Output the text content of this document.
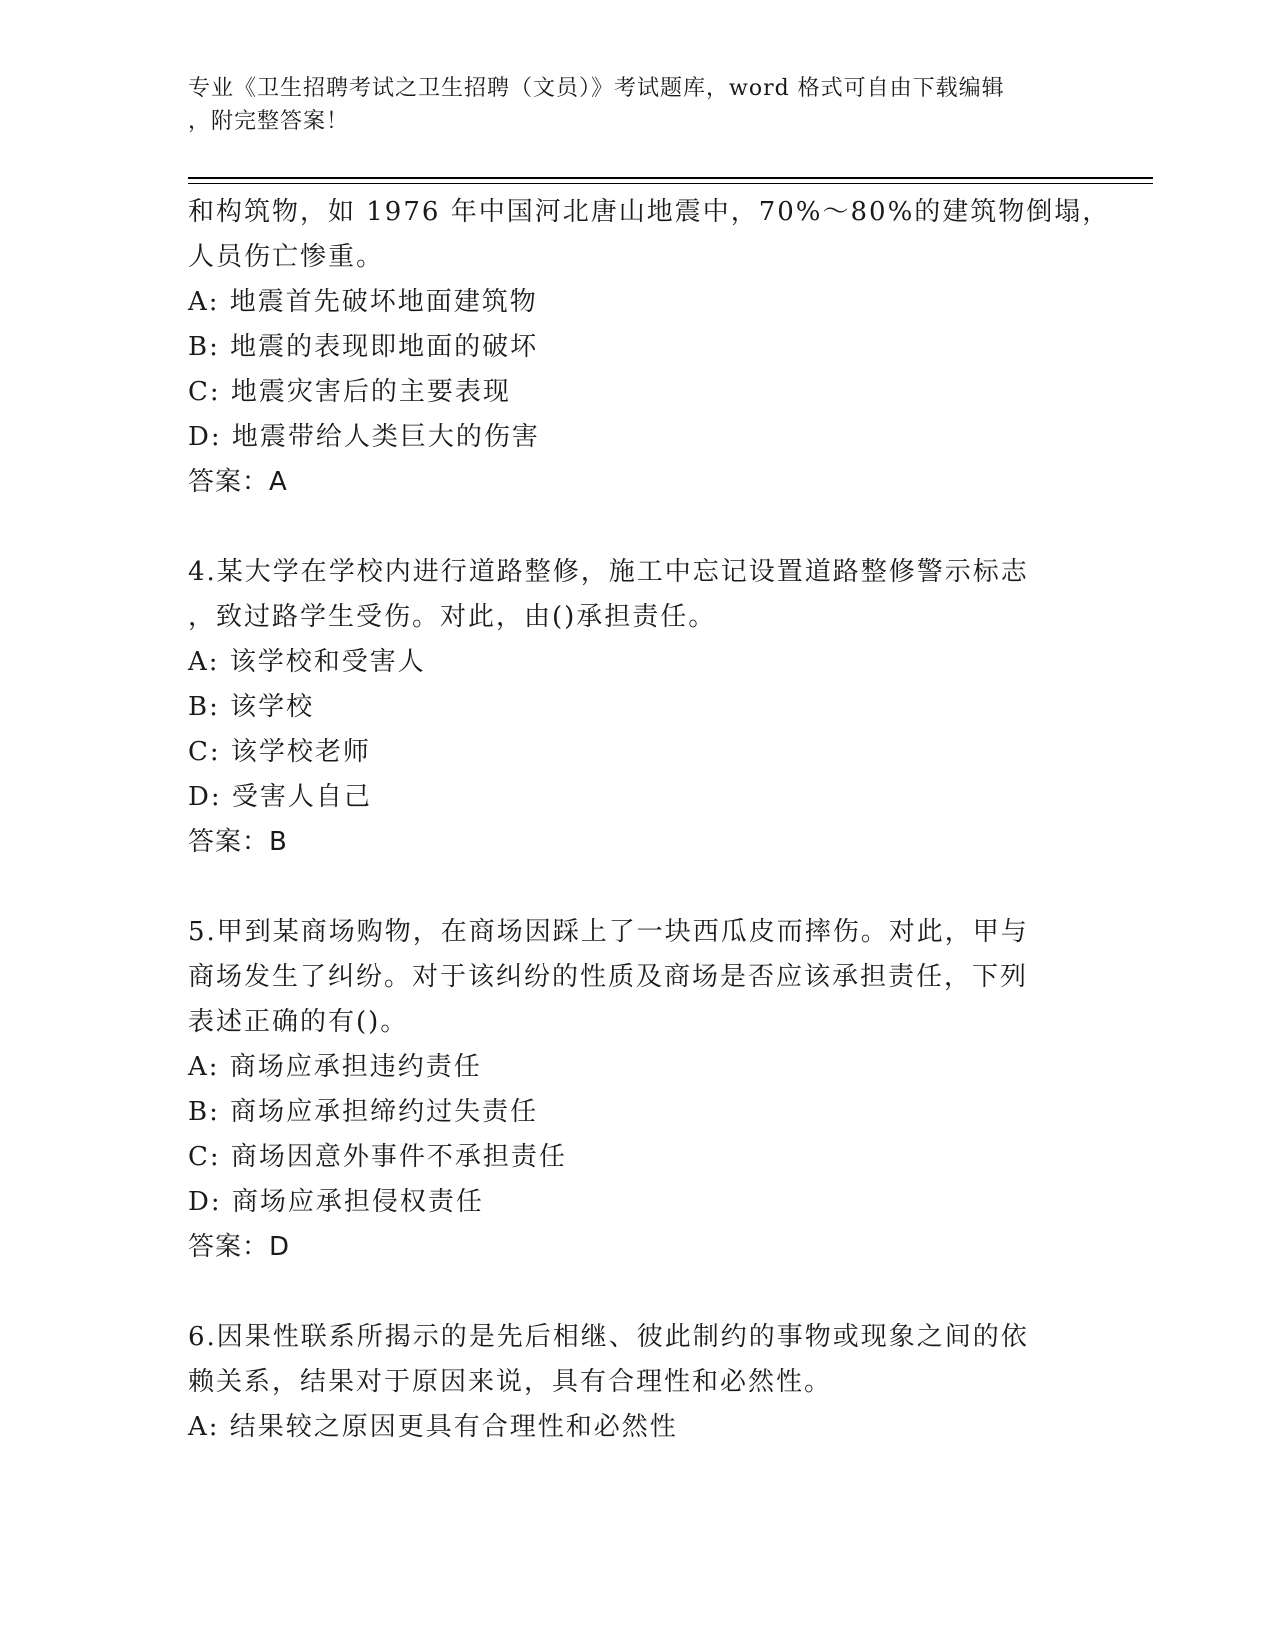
专业《卫生招聘考试之卫生招聘（文员）》考试题库，word 格式可自由下载编辑
，附完整答案！
和构筑物，如 1976 年中国河北唐山地震中，70%～80%的建筑物倒塌，
人员伤亡惨重。
A: 地震首先破坏地面建筑物
B: 地震的表现即地面的破坏
C: 地震灾害后的主要表现
D: 地震带给人类巨大的伤害
答案：A
4.某大学在学校内进行道路整修，施工中忘记设置道路整修警示标志
，致过路学生受伤。对此，由()承担责任。
A: 该学校和受害人
B: 该学校
C: 该学校老师
D: 受害人自己
答案：B
5.甲到某商场购物，在商场因踩上了一块西瓜皮而摔伤。对此，甲与
商场发生了纠纷。对于该纠纷的性质及商场是否应该承担责任，下列
表述正确的有()。
A: 商场应承担违约责任
B: 商场应承担缔约过失责任
C: 商场因意外事件不承担责任
D: 商场应承担侵权责任
答案：D
6.因果性联系所揭示的是先后相继、彼此制约的事物或现象之间的依
赖关系，结果对于原因来说，具有合理性和必然性。
A: 结果较之原因更具有合理性和必然性
